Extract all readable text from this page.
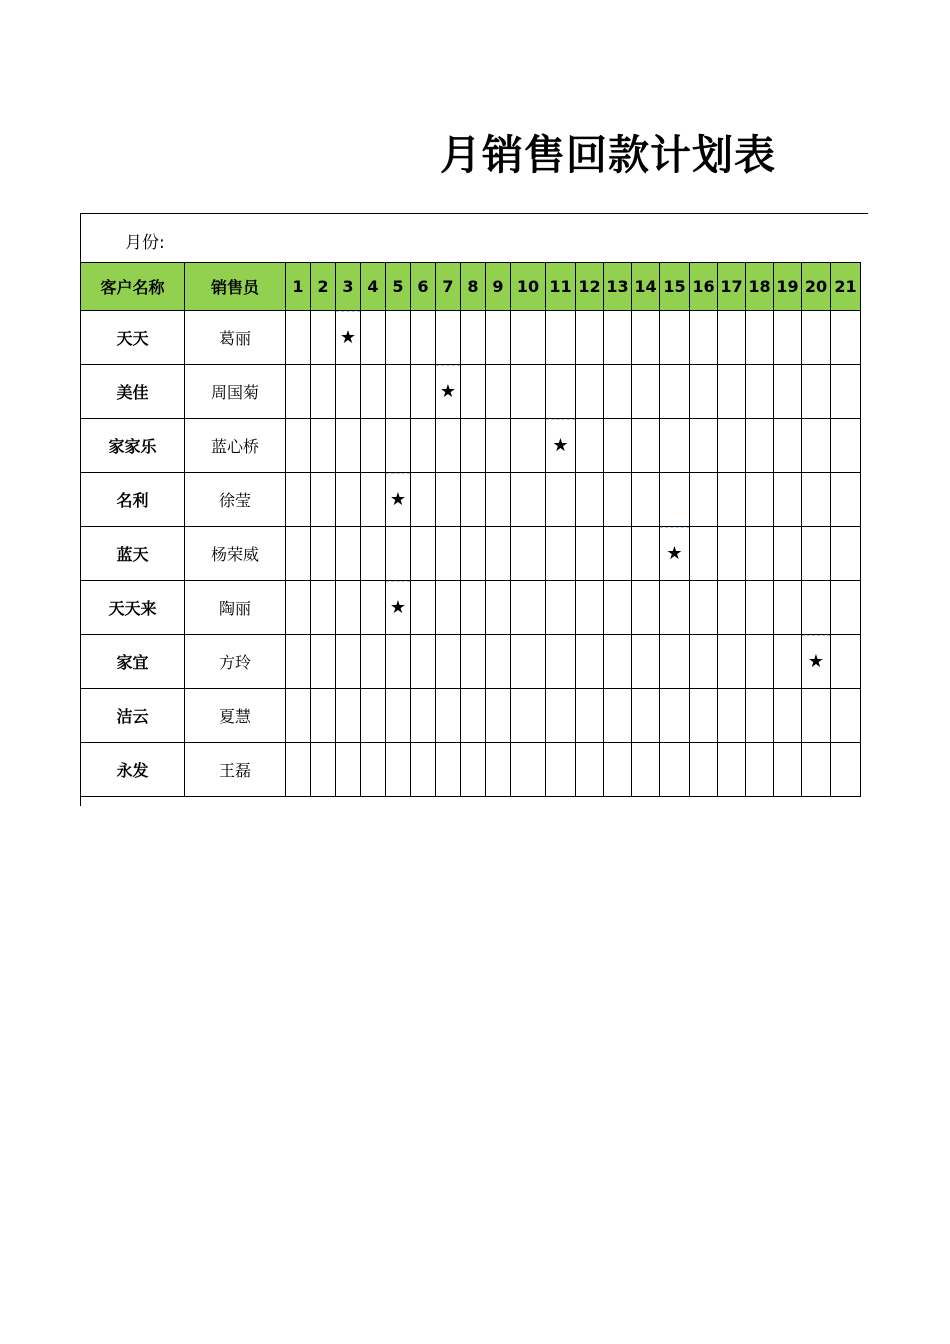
月销售回款计划表
月份:
客户名称	销售员	1	2	3	4	5	6	7	8	9	10	11	12	13	14	15	16	17	18	19	20	21
天天	葛丽			★																		
美佳	周国菊							★														
家家乐	蓝心桥											★										
名利	徐莹					★																
蓝天	杨荣威															★						
天天来	陶丽					★																
家宜	方玲																				★	
洁云	夏慧																					
永发	王磊																					
